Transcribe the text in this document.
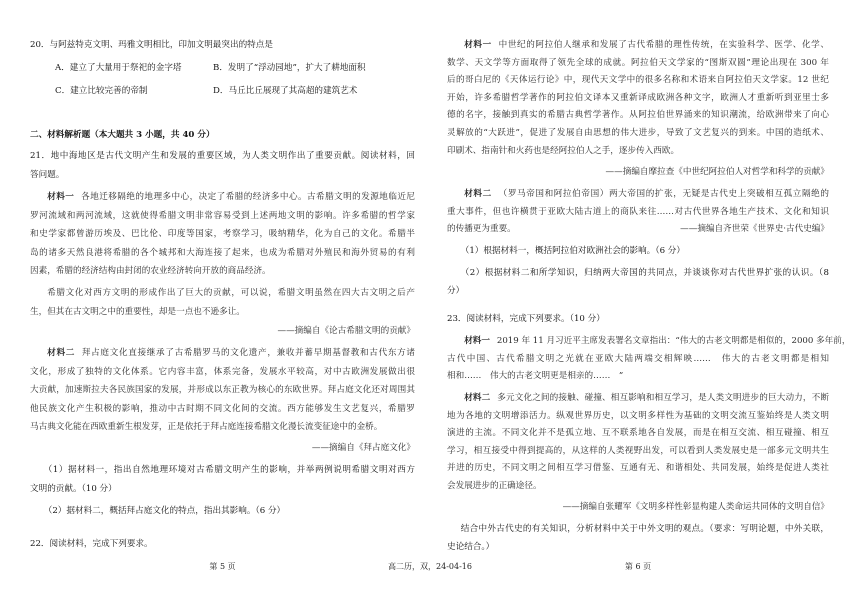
20．与阿兹特克文明、玛雅文明相比，印加文明最突出的特点是
A．建立了大量用于祭祀的金字塔	B．发明了“浮动园地”，扩大了耕地面积
C．建立比较完善的帝制	D．马丘比丘展现了其高超的建筑艺术
二、材料解析题（本大题共 3 小题，共 40 分）
21．地中海地区是古代文明产生和发展的重要区域，为人类文明作出了重要贡献。阅读材料，回
答问题。
材料一 各地迁移隔绝的地理多中心，决定了希腊的经济多中心。古希腊文明的发源地临近尼
罗河流域和两河流域，这就使得希腊文明非常容易受到上述两地文明的影响。许多希腊的哲学家
和史学家都曾游历埃及、巴比伦、印度等国家，考察学习，吸纳精华，化为自己的文化。希腊半
岛的诸多天然良港将希腊的各个城邦和大海连接了起来，也成为希腊对外殖民和海外贸易的有利
因素，希腊的经济结构由封闭的农业经济转向开放的商品经济。
希腊文化对西方文明的形成作出了巨大的贡献，可以说，希腊文明虽然在四大古文明之后产
生，但其在古文明之中的重要性，却是一点也不逊多让。
——摘编自《论古希腊文明的贡献》
材料二 拜占庭文化直接继承了古希腊罗马的文化遗产，兼收并蓄早期基督教和古代东方诸
文化，形成了独特的文化体系。它内容丰富，体系完备，发展水平较高，对中古欧洲发展做出很
大贡献，加速斯拉夫各民族国家的发展，并形成以东正教为核心的东欧世界。拜占庭文化还对周围其
他民族文化产生积极的影响，推动中古时期不同文化间的交流。西方能够发生文艺复兴，希腊罗
马古典文化能在西欧重新生根发芽，正是依托于拜占庭连接希腊文化漫长流变征途中的金桥。
——摘编自《拜占庭文化》
（1）据材料一，指出自然地理环境对古希腊文明产生的影响，并举两例说明希腊文明对西方
文明的贡献。（10 分）
（2）据材料二，概括拜占庭文化的特点，指出其影响。（6 分）
22．阅读材料，完成下列要求。
材料一 中世纪的阿拉伯人继承和发展了古代希腊的理性传统，在实验科学、医学、化学、
数学、天文学等方面取得了领先全球的成就。阿拉伯天文学家的“图斯双圆”理论出现在 300 年
后的哥白尼的《天体运行论》中，现代天文学中的很多名称和术语来自阿拉伯天文学家。12 世纪
开始，许多希腊哲学著作的阿拉伯文译本又重新译成欧洲各种文字，欧洲人才重新听到亚里士多
德的名字，接触到真实的希腊古典哲学著作。从阿拉伯世界涌来的知识潮流，给欧洲带来了向心
灵解放的“大跃进”，促进了发展自由思想的伟大进步，导致了文艺复兴的到来。中国的造纸术、
印刷术、指南针和火药也是经阿拉伯人之手，逐步传入西欧。
——摘编自摩拉查《中世纪阿拉伯人对哲学和科学的贡献》
材料二 （罗马帝国和阿拉伯帝国）两大帝国的扩张，无疑是古代史上突破相互孤立隔绝的
重大事件，但也许横贯于亚欧大陆古道上的商队来往……对古代世界各地生产技术、文化和知识
的传播更为重要。	——摘编自齐世荣《世界史·古代史编》
（1）根据材料一，概括阿拉伯对欧洲社会的影响。（6 分）
（2）根据材料二和所学知识，归纳两大帝国的共同点，并谈谈你对古代世界扩张的认识。（8
分）
23．阅读材料，完成下列要求。（10 分）
材料一 2019 年 11 月习近平主席发表署名文章指出：“伟大的古老文明都是相似的，2000 多年前，
古代中国、古代希腊文明之光就在亚欧大陆两端交相辉映……　伟大的古老文明都是相知
相和……　伟大的古老文明更是相亲的……　”
材料二 多元文化之间的接触、碰撞、相互影响和相互学习，是人类文明进步的巨大动力，不断
地为各地的文明增添活力。纵观世界历史，以文明多样性为基础的文明交流互鉴始终是人类文明
演进的主流。不同文化并不是孤立地、互不联系地各自发展，而是在相互交流、相互碰撞、相互
学习，相互接受中得到提高的，从这样的人类视野出发，可以看到人类发展史是一部多元文明共生
并进的历史，不同文明之间相互学习借鉴、互通有无、和谐相处、共同发展，始终是促进人类社
会发展进步的正确途径。
——摘编自张耀军《文明多样性彰显构建人类命运共同体的文明自信》
结合中外古代史的有关知识，分析材料中关于中外文明的观点。（要求：写明论题，中外关联，
史论结合。）
第 5 页	高二历，双，24-04-16	第 6 页
